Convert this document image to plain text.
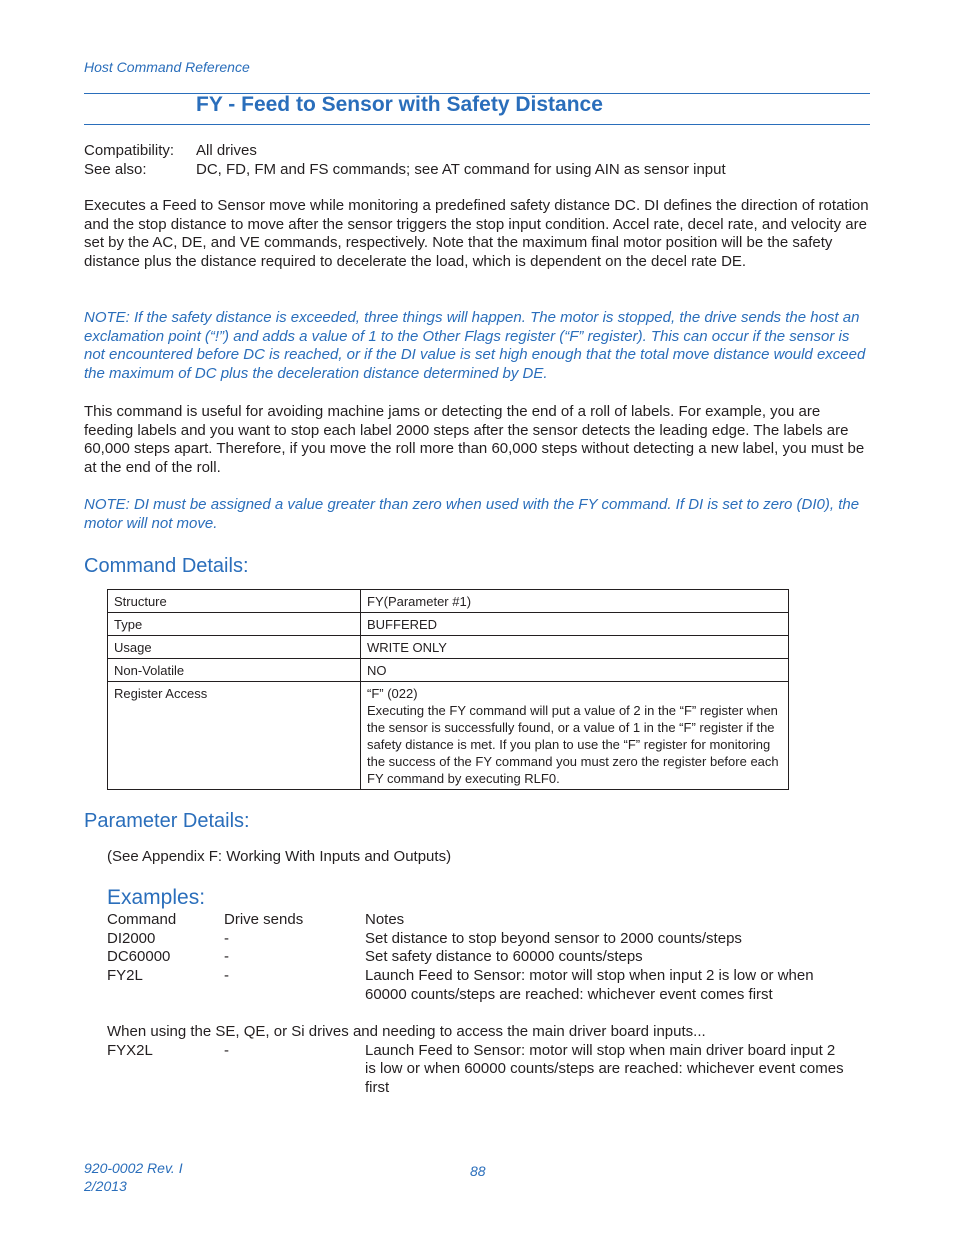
Host Command Reference
FY - Feed to Sensor with Safety Distance
Compatibility:	All drives
See also:	DC, FD, FM and FS commands; see AT command for using AIN as sensor input
Executes a Feed to Sensor move while monitoring a predefined safety distance DC. DI defines the direction of rotation and the stop distance to move after the sensor triggers the stop input condition. Accel rate, decel rate, and velocity are set by the AC, DE, and VE commands, respectively. Note that the maximum final motor position will be the safety distance plus the distance required to decelerate the load, which is dependent on the decel rate DE.
NOTE: If the safety distance is exceeded, three things will happen. The motor is stopped, the drive sends the host an exclamation point (“!”) and adds a value of 1 to the Other Flags register (“F” register). This can occur if the sensor is not encountered before DC is reached, or if the DI value is set high enough that the total move distance would exceed the maximum of DC plus the deceleration distance determined by DE.
This command is useful for avoiding machine jams or detecting the end of a roll of labels. For example, you are feeding labels and you want to stop each label 2000 steps after the sensor detects the leading edge. The labels are 60,000 steps apart. Therefore, if you move the roll more than 60,000 steps without detecting a new label, you must be at the end of the roll.
NOTE: DI must be assigned a value greater than zero when used with the FY command. If DI is set to zero (DI0), the motor will not move.
Command Details:
Structure	FY(Parameter #1)
Type	BUFFERED
Usage	WRITE ONLY
Non-Volatile	NO
Register Access	“F” (022)
Executing the FY command will put a value of 2 in the “F” register when the sensor is successfully found, or a value of 1 in the “F” register if the safety distance is met. If you plan to use the “F” register for monitoring the success of the FY command you must zero the register before each FY command by executing RLF0.
Parameter Details:
(See Appendix F: Working With Inputs and Outputs)
Examples:
Command	Drive sends	Notes
DI2000	-	Set distance to stop beyond sensor to 2000 counts/steps
DC60000	-	Set safety distance to 60000 counts/steps
FY2L	-	Launch Feed to Sensor: motor will stop when input 2 is low or when 60000 counts/steps are reached: whichever event comes first
When using the SE, QE, or Si drives and needing to access the main driver board inputs...
FYX2L	-	Launch Feed to Sensor: motor will stop when main driver board input 2 is low or when 60000 counts/steps are reached: whichever event comes first
920-0002 Rev. I
2/2013
88
